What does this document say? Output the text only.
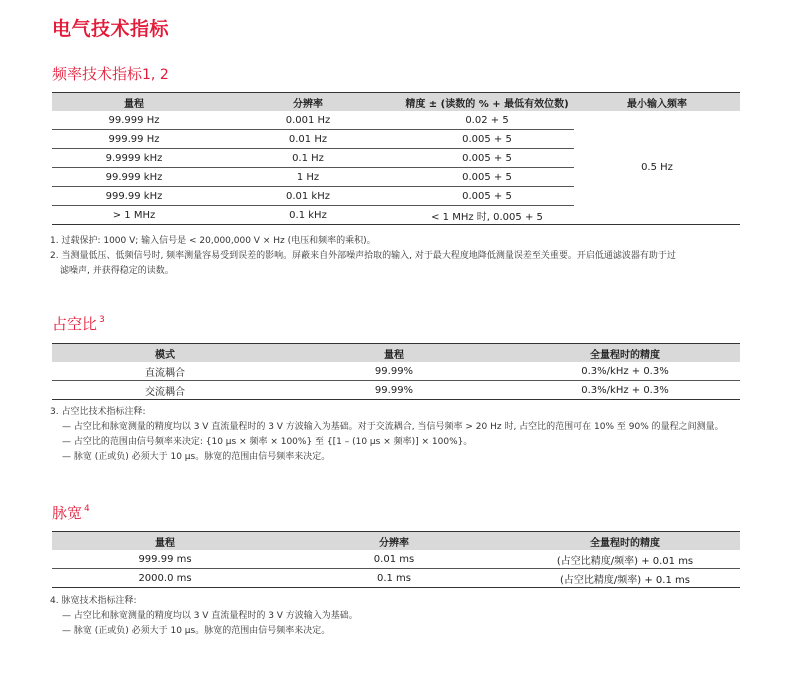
电气技术指标
频率技术指标1, 2
量程	分辨率	精度 ± (读数的 % + 最低有效位数)	最小输入频率
99.999 Hz	0.001 Hz	0.02 + 5	0.5 Hz
999.99 Hz	0.01 Hz	0.005 + 5	
9.9999 kHz	0.1 Hz	0.005 + 5	
99.999 kHz	1 Hz	0.005 + 5	
999.99 kHz	0.01 kHz	0.005 + 5	
> 1 MHz	0.1 kHz	< 1 MHz 时, 0.005 + 5	
1. 过载保护: 1000 V; 输入信号是 < 20,000,000 V × Hz (电压和频率的乘积)。
2. 当测量低压、低频信号时, 频率测量容易受到误差的影响。屏蔽来自外部噪声拾取的输入, 对于最大程度地降低测量误差至关重要。开启低通滤波器有助于过
滤噪声, 并获得稳定的读数。
占空比 $^3$
模式	量程	全量程时的精度
直流耦合	99.99%	0.3%/kHz + 0.3%
交流耦合	99.99%	0.3%/kHz + 0.3%
3. 占空比技术指标注释:
— 占空比和脉宽测量的精度均以 3 V 直流量程时的 3 V 方波输入为基础。对于交流耦合, 当信号频率 > 20 Hz 时, 占空比的范围可在 10% 至 90% 的量程之间测量。
— 占空比的范围由信号频率来决定: {10 μs × 频率 × 100%} 至 {[1 – (10 μs × 频率)] × 100%}。
— 脉宽 (正或负) 必须大于 10 μs。脉宽的范围由信号频率来决定。
脉宽 $^4$
量程	分辨率	全量程时的精度
999.99 ms	0.01 ms	(占空比精度/频率) + 0.01 ms
2000.0 ms	0.1 ms	(占空比精度/频率) + 0.1 ms
4. 脉宽技术指标注释:
— 占空比和脉宽测量的精度均以 3 V 直流量程时的 3 V 方波输入为基础。
— 脉宽 (正或负) 必须大于 10 μs。脉宽的范围由信号频率来决定。
